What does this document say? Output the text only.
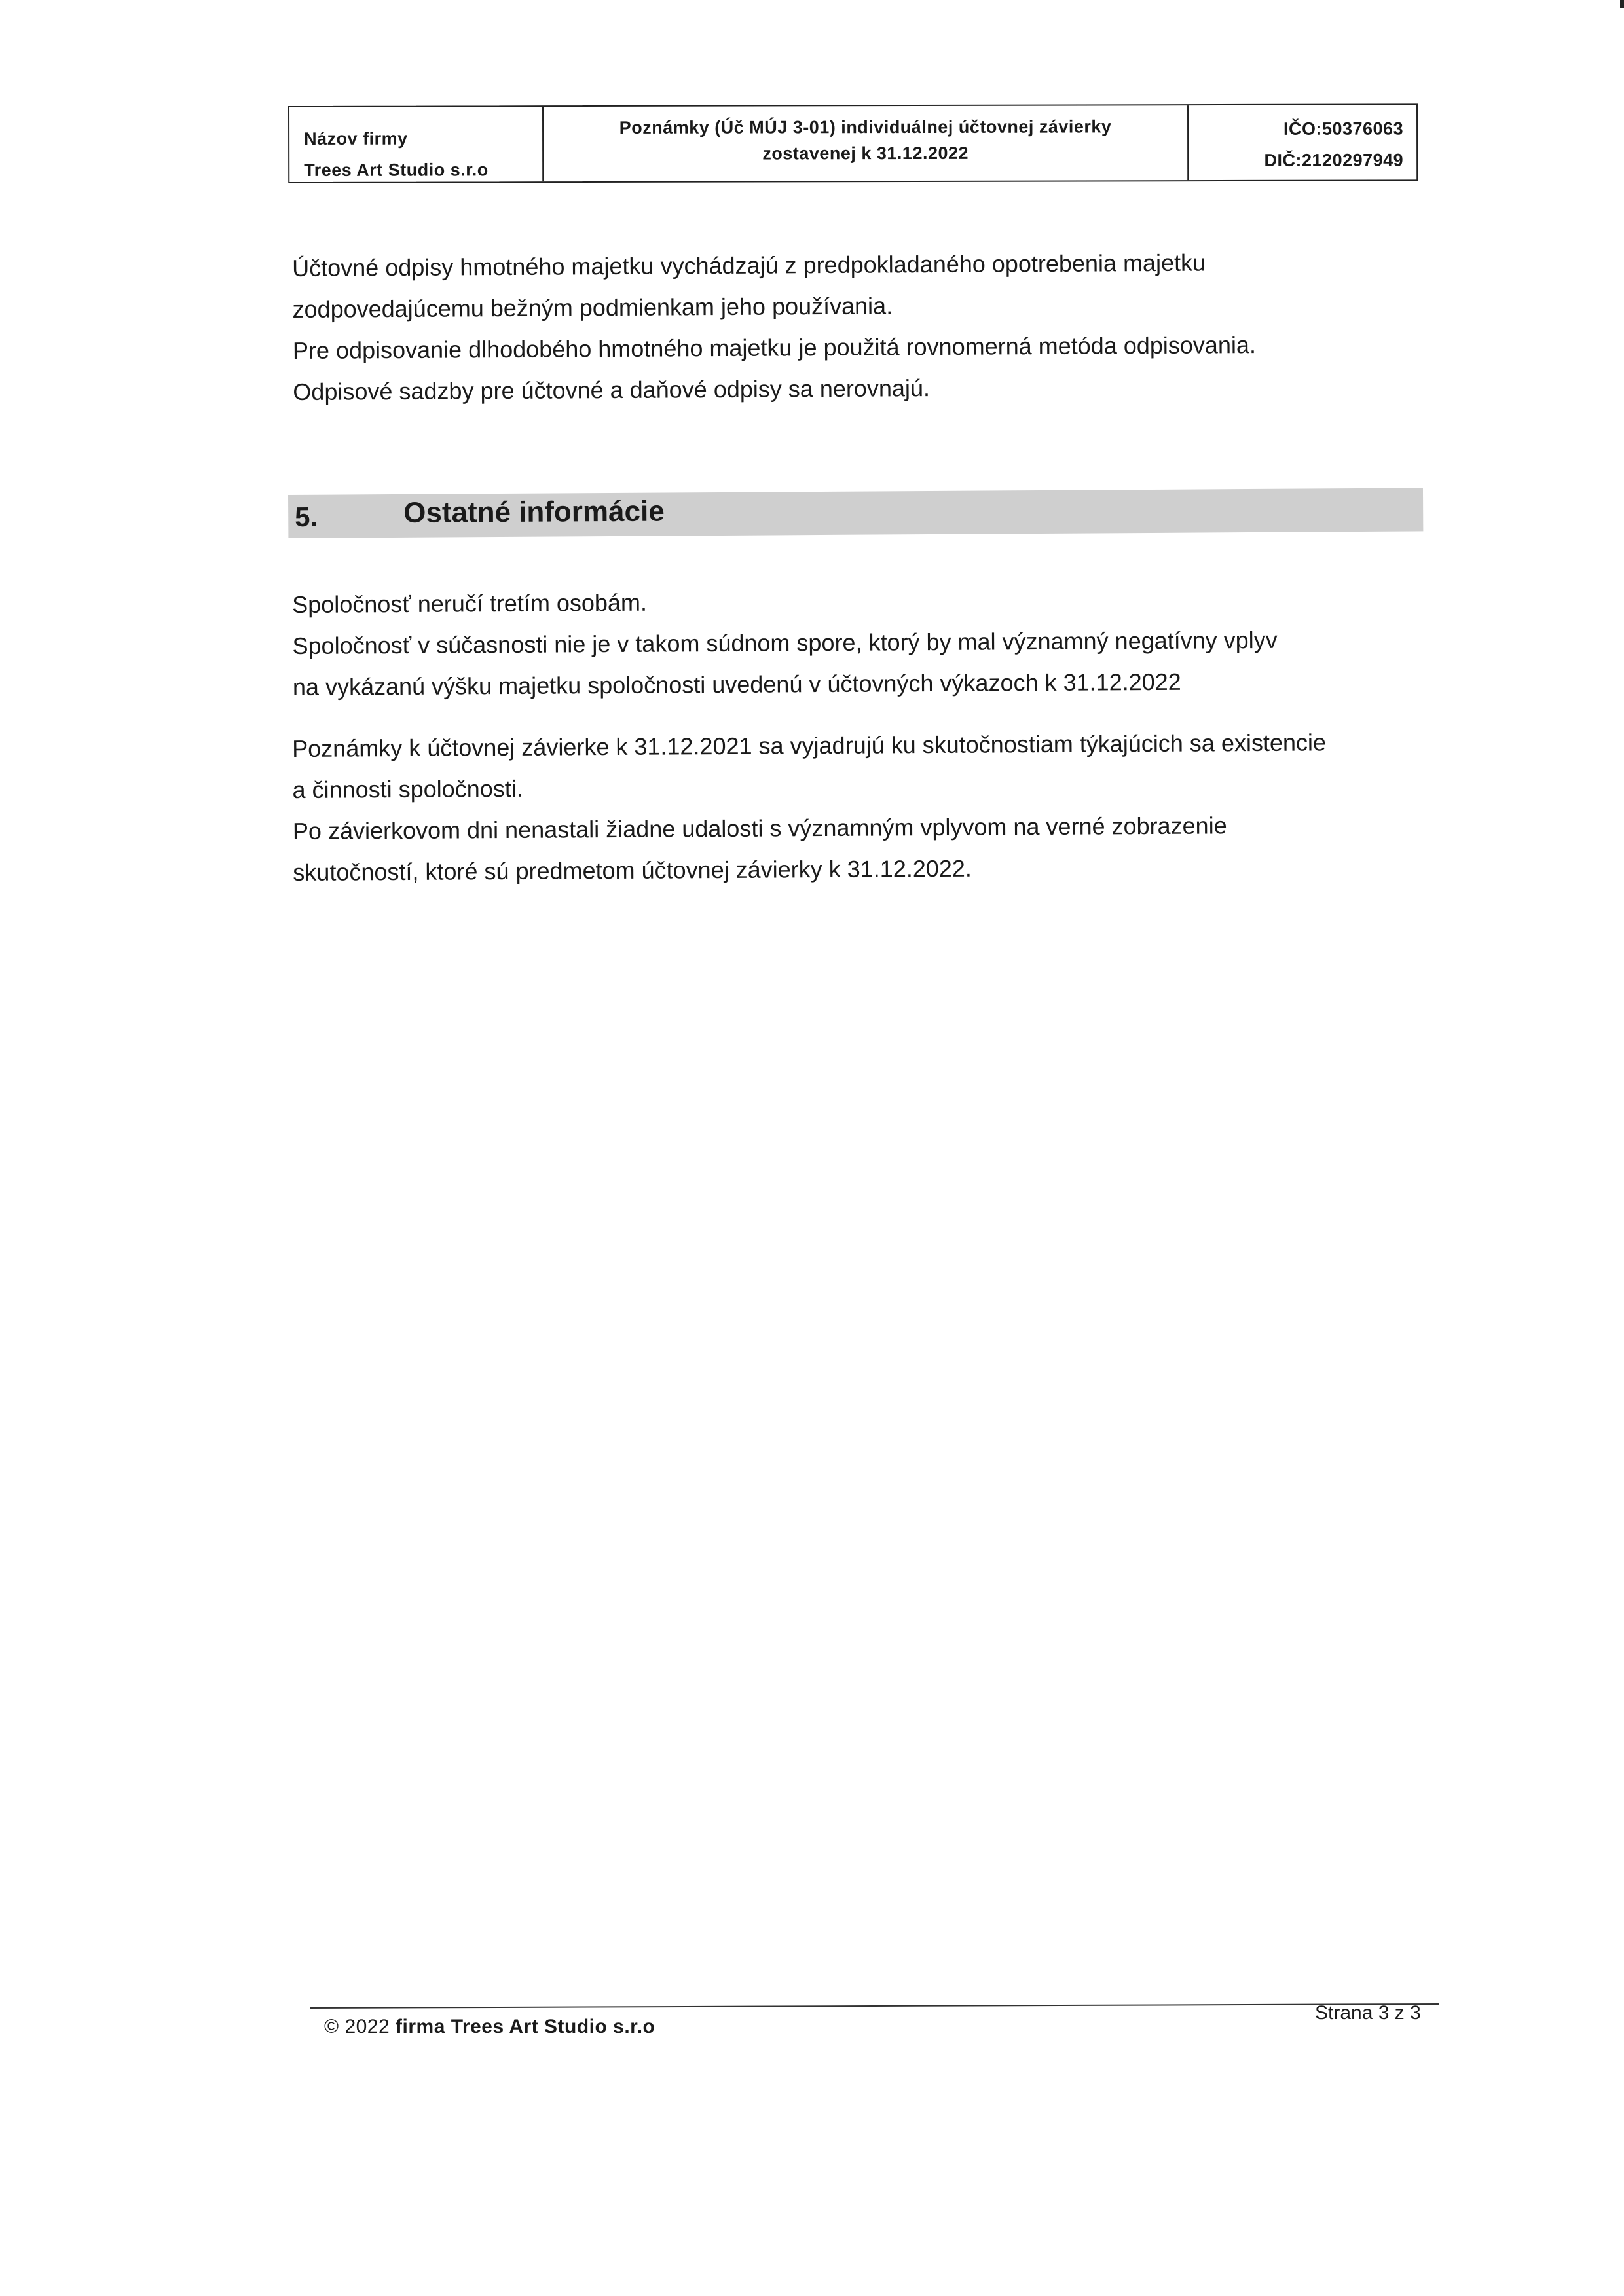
Názov firmy
Trees Art Studio s.r.o
Poznámky (Úč MÚJ 3-01) individuálnej účtovnej závierky
zostavenej k 31.12.2022
IČO:50376063
DIČ:2120297949
Účtovné odpisy hmotného majetku vychádzajú z predpokladaného opotrebenia majetku
zodpovedajúcemu bežným podmienkam jeho používania.
Pre odpisovanie dlhodobého hmotného majetku je použitá rovnomerná metóda odpisovania.
Odpisové sadzby pre účtovné a daňové odpisy sa nerovnajú.
5.	Ostatné informácie
Spoločnosť neručí tretím osobám.
Spoločnosť v súčasnosti nie je v takom súdnom spore, ktorý by mal významný negatívny vplyv
na vykázanú výšku majetku spoločnosti uvedenú v účtovných výkazoch k 31.12.2022
Poznámky k účtovnej závierke k 31.12.2021 sa vyjadrujú ku skutočnostiam týkajúcich sa existencie
a činnosti spoločnosti.
Po závierkovom dni nenastali žiadne udalosti s významným vplyvom na verné zobrazenie
skutočností, ktoré sú predmetom účtovnej závierky k 31.12.2022.
© 2022 firma Trees Art Studio s.r.o
Strana 3 z 3
